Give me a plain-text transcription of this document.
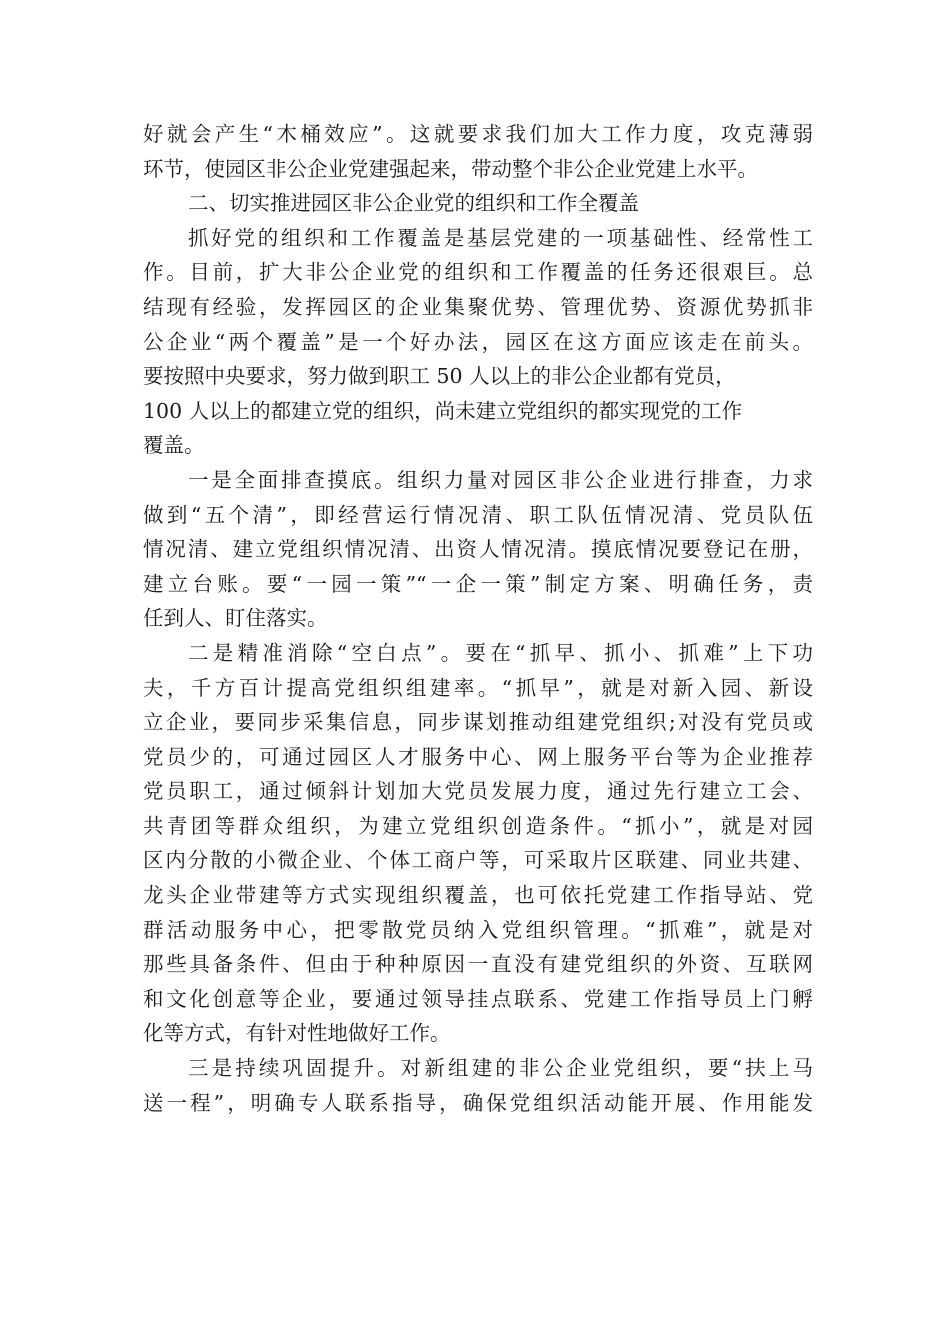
好就会产生“木桶效应”。这就要求我们加大工作力度，攻克薄弱
环节，使园区非公企业党建强起来，带动整个非公企业党建上水平。
二、切实推进园区非公企业党的组织和工作全覆盖
抓好党的组织和工作覆盖是基层党建的一项基础性、经常性工
作。目前，扩大非公企业党的组织和工作覆盖的任务还很艰巨。总
结现有经验，发挥园区的企业集聚优势、管理优势、资源优势抓非
公企业“两个覆盖”是一个好办法，园区在这方面应该走在前头。
要按照中央要求，努力做到职工 50 人以上的非公企业都有党员，
100 人以上的都建立党的组织，尚未建立党组织的都实现党的工作
覆盖。
一是全面排查摸底。组织力量对园区非公企业进行排查，力求
做到“五个清”，即经营运行情况清、职工队伍情况清、党员队伍
情况清、建立党组织情况清、出资人情况清。摸底情况要登记在册，
建立台账。要“一园一策”“一企一策”制定方案、明确任务，责
任到人、盯住落实。
二是精准消除“空白点”。要在“抓早、抓小、抓难”上下功
夫，千方百计提高党组织组建率。“抓早”，就是对新入园、新设
立企业，要同步采集信息，同步谋划推动组建党组织;对没有党员或
党员少的，可通过园区人才服务中心、网上服务平台等为企业推荐
党员职工，通过倾斜计划加大党员发展力度，通过先行建立工会、
共青团等群众组织，为建立党组织创造条件。“抓小”，就是对园
区内分散的小微企业、个体工商户等，可采取片区联建、同业共建、
龙头企业带建等方式实现组织覆盖，也可依托党建工作指导站、党
群活动服务中心，把零散党员纳入党组织管理。“抓难”，就是对
那些具备条件、但由于种种原因一直没有建党组织的外资、互联网
和文化创意等企业，要通过领导挂点联系、党建工作指导员上门孵
化等方式，有针对性地做好工作。
三是持续巩固提升。对新组建的非公企业党组织，要“扶上马
送一程”，明确专人联系指导，确保党组织活动能开展、作用能发
